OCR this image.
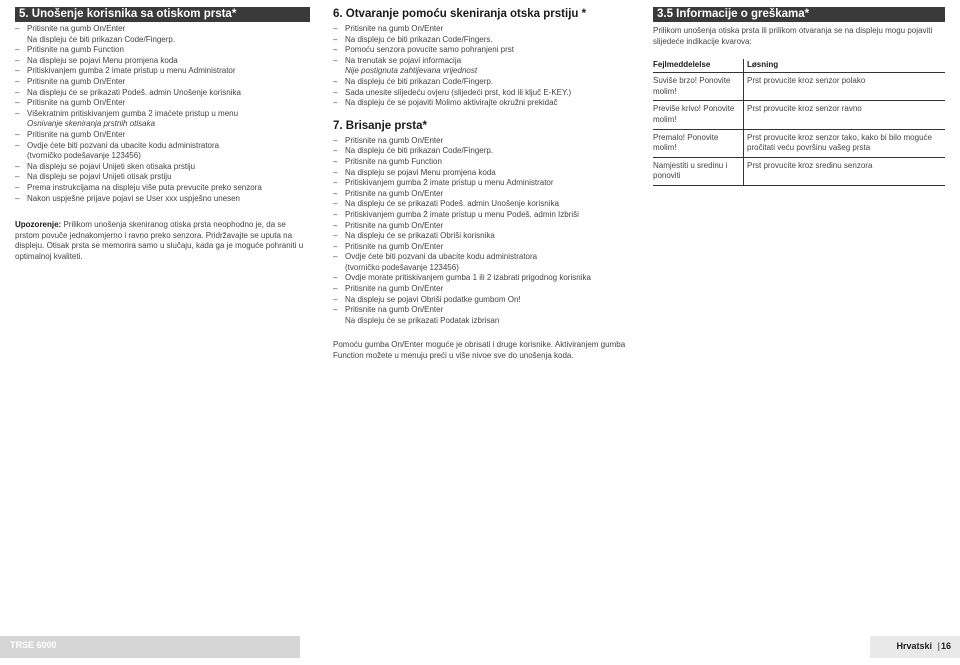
5. Unošenje korisnika sa otiskom prsta*
– Pritisnite na gumb On/Enter
Na displeju će biti prikazan Code/Fingerp.
– Pritisnite na gumb Function
– Na displeju se pojavi Menu promjena koda
– Pritiskivanjem gumba 2 imate pristup u menu Administrator
– Pritisnite na gumb On/Enter
– Na displeju će se prikazati Podeš. admin Unošenje korisnika
– Pritisnite na gumb On/Enter
– Višekratnim pritiskivanjem gumba 2 imaćete pristup u menu
Osnivanje skeniranja prstnih otisaka
– Pritisnite na gumb On/Enter
– Ovdje ćete biti pozvani da ubacite kodu administratora
(tvorničko podešavanje 123456)
– Na displeju se pojavi Unijeti sken otisaka prstiju
– Na displeju se pojavi Unijeti otisak prstiju
– Prema instrukcijama na displeju više puta prevucite preko senzora
– Nakon uspješne prijave pojavi se User xxx uspješno unesen

Upozorenje: Prilikom unošenja skeniranog otiska prsta neophodno je, da se prstom povuče jednakomjerno i ravno preko senzora. Pridržavajte se uputa na displeju. Otisak prsta se memorira samo u slučaju, kada ga je moguće pohraniti u optimalnoj kvaliteti.

6. Otvaranje pomoću skeniranja otska prstiju *
– Pritisnite na gumb On/Enter
– Na displeju će biti prikazan Code/Fingers.
– Pomoću senzora povucite samo pohranjeni prst
– Na trenutak se pojavi informacija
Nije postignuta zahtijevana vrijednost
– Na displeju će biti prikazan Code/Fingerp.
– Sada unesite slijedeću ovjeru (slijedeći prst, kod ili ključ E-KEY.)
– Na displeju će se pojaviti Molimo aktivirajte okružni prekidač
7. Brisanje prsta*
– Pritisnite na gumb On/Enter
– Na displeju će biti prikazan Code/Fingerp.
– Pritisnite na gumb Function
– Na displeju se pojavi Menu promjena koda
– Pritiskivanjem gumba 2 imate pristup u menu Administrator
– Pritisnite na gumb On/Enter
– Na displeju će se prikazati Podeš. admin Unošenje korisnika
– Pritiskivanjem gumba 2 imate pristup u menu Podeš. admin Izbriši
– Pritisnite na gumb On/Enter
– Na displeju će se prikazati Obriši korisnika
– Pritisnite na gumb On/Enter
– Ovdje ćete biti pozvani da ubacite kodu administratora
(tvorničko podešavanje 123456)
– Ovdje morate pritiskivanjem gumba 1 ili 2 izabrati prigodnog korisnika
– Pritisnite na gumb On/Enter
– Na displeju se pojavi Obriši podatke gumbom On!
– Pritisnite na gumb On/Enter
Na displeju će se prikazati Podatak izbrisan

Pomoću gumba On/Enter moguće je obrisati i druge korisnike. Aktiviranjem gumba Function možete u menuju preći u više nivoe sve do unošenja koda.

3.5 Informacije o greškama*

Prilikom unošenja otiska prsta ili prilikom otvaranja se na displeju mogu pojaviti slijedeće indikacije kvarova:

Fejlmeddelelse	Løsning
Suviše brzo! Ponovite molim!	Prst provucite kroz senzor polako
Previše krivo! Ponovite molim!	Prst provucite kroz senzor ravno
Premalo! Ponovite molim!	Prst provucite kroz senzor tako, kako bi bilo moguće pročitati veću površinu vašeg prsta
Namjestiti u sredinu i ponoviti	Prst provucite kroz sredinu senzora
TRSE 6000	Hrvatski | 16
